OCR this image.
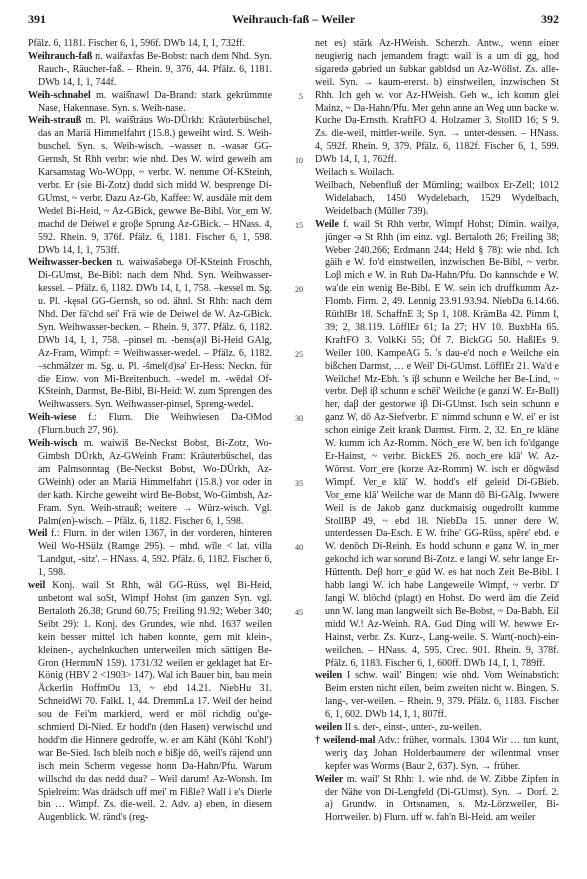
391	Weihrauch-faß – Weiler	392

Pfälz. 6, 1181. Fischer 6, 1, 596f. DWb 14, I, 1, 732ff.

Weihrauch-faß n. waiřaxfas Be-Bobst: nach dem Nhd. Syn. Rauch-, Räucher-faß. – Rhein. 9, 376, 44. Pfälz. 6, 1181. DWb 14, I, 1, 744f.

Weih-schnabel m. waiš̌nawl Da-Brand: stark gekrümmte Nase, Hakennase. Syn. s. Weih-nase.

Weih-strauß m. Pl. waiš̌tráus Wo-DÜrkh: Kräuterbüschel, das an Mariä Himmelfahrt (15.8.) geweiht wird. S. Weih-buschel. Syn. s. Weih-wisch. –wasser n. -wasǝr GG-Gernsh, St Rhh verbr: wie nhd. Des W. wird geweih am Karsamstag Wo-WOpp, ~ verbr. W. nemme Of-KSteinh, verbr. Er (sie Bi-Zotz) dudd sich midd W. besprenge Di-GUmst, ~ verbr. Dazu Az-Gb, Kaffee: W. ausdäle mit dem Wedel Bi-Heid, ~ Az-GBick, gewwe Be-Bibl. Vor_em W. machd de Deiwel e groβe Sprung Az-GBick. – HNass. 4, 592. Rhein. 9, 376f. Pfälz. 6, 1181. Fischer 6, 1, 598. DWb 14, I, 1, 753ff.

Weihwasser-becken n. waiwas̆ǝbegǝ Of-KSteinh Froschh, Di-GUmst, Be-Bibl: nach dem Nhd. Syn. Weihwasser-kessel. – Pfälz. 6, 1182. DWb 14, I, 1, 758. –kessel m. Sg. u. Pl. -kęsǝl GG-Gernsh, so od. ähnl. St Rhh: nach dem Nhd. Der fä'chd sei' Frä wie de Deiwel de W. Az-GBick. Syn. Weihwasser-becken. – Rhein. 9, 377. Pfälz. 6, 1182. DWb 14, I, 1, 758. –pinsel m. -bens(ǝ)l Bi-Heid GAlg, Az-Fram, Wimpf: = Weihwasser-wedel. – Pfälz. 6, 1182. –schmälzer m. Sg. u. Pl. -šmel(d)sǝ' Er-Hess: Neckn. für die Einw. von Mi-Breitenbuch. –wedel m. -wēdǝl Of-KSteinh, Darmst, Be-Bibl, Bi-Heid: W. zum Sprengen des Weihwassers. Syn. Weihwasser-pinsel, Spreng-wedel.

Weih-wiese f.: Flurn. Die Weihwiesen Da-OMod (Flurn.buch 27, 96).

Weih-wisch m. waiwiš Be-Neckst Bobst, Bi-Zotz, Wo-Gimbsh DÜrkh, Az-GWeinh Fram: Kräuterbüschel, das am Palmsonntag (Be-Neckst Bobst, Wo-DÜrkh, Az-GWeinh) oder an Mariä Himmelfahrt (15.8.) vor oder in der kath. Kirche geweiht wird Be-Bobst, Wo-Gimbsh, Az-Fram. Syn. Weih-strauß; weitere → Würz-wisch. Vgl. Palm(en)-wisch. – Pfälz. 6, 1182. Fischer 6, 1, 598.

Weil f.: Flurn. in der wilen 1367, in der vorderen, hinteren Weil Wo-HSülz (Ramge 295). – mhd. wîle < lat. villa 'Landgut, -sitz'. – HNass. 4, 592. Pfälz. 6, 1182. Fischer 6, 1, 598.

weil Konj. wail St Rhh, wāl GG-Rüss, węl Bi-Heid, unbetont wal soSt, Wimpf Hohst (im ganzen Syn. vgl. Bertaloth 26.38; Grund 60.75; Freiling 91.92; Weber 340; Seibt 29): 1. Konj. des Grundes, wie nhd. 1637 weilen kein besser mittel ich haben konnte, gern mit klein-, kleinen-, aychelnkuchen unterweilen mich sättigen Be-Gron (HermmN 159). 1731/32 weilen er geklaget hat Er-König (HBV 2 <1903> 147). Wal ich Bauer bin, bau mein Äckerlin HoffmOu 13, ~ ebd 14.21. NiebHu 31. SchneidWi 70. FalkL 1, 44. DremmLa 17. Weil der heind sou de Fei'm markierd, werd er möl richdig ou'ge-schmierd Di-Nied. Er hodd'n (den Hasen) verwischd und hodd'm die Hinnere gedroffe, w. er am Kähl (Köhl 'Kohl') war Be-Sied. Isch bleib noch e bißje dô, weil's räjend unn isch mein Scherm vegesse honn Da-Hahn/Pfu. Warum willschd du das nedd dua? – Weil darum! Az-Wonsh. Im Spielreim: Was drädsch uff mei' m Fißle? Wall i e's Dierle bin … Wimpf. Zs. die-weil. 2. Adv. a) eben, in diesem Augenblick. W. ränd's (reg-

5
10
15
20
25
30
35
40
45

net es) stärk Az-HWeish. Scherzh. Antw., wenn einer neugierig nach jemandem fragt: wail is a um di gg, hod sigaredǝ gǝbried un šubkar gǝbldsd un Az-Wöllst. Zs. alle-weil. Syn. → kaum-ererst. b) einstweilen, inzwischen St Rhh. Ich geh w. vor Az-HWeish. Geh w., ich komm glei Mainz, ~ Da-Hahn/Pfu. Mer gehn anne an Weg unn backe w. Kuche Da-Ernsth. KraftFO 4. Holzamer 3. StollD 16; S 9. Zs. die-weil, mittler-weile. Syn. → unter-dessen. – HNass. 4, 592f. Rhein. 9, 379. Pfälz. 6, 1182f. Fischer 6, 1, 599. DWb 14, I, 1, 762ff.

Weilach s. Woilach.

Weilbach, Nebenfluß der Mümling; wailbox Er-Zell; 1012 Widelabach, 1450 Wydelebach, 1529 Wydelbach, Weidelbach (Müller 739).

Weile f. wail St Rhh verbr, Wimpf Hohst; Dimin. wailχǝ, jünger -ǝ St Rhh (im einz. vgl. Bertaloth 26; Freiling 38; Weber 240.266; Erdmann 244; Held § 78): wie nhd. Ich gäih e W. fo'd einstweilen, inzwischen Be-Bibl, ~ verbr. Loβ mich e W. in Ruh Da-Hahn/Pfu. Do kannschde e W. wa'de ein wenig Be-Bibl. E W. sein ich druffkumm Az-Flomb. Firm. 2, 49. Lennig 23.91.93.94. NiebDa 6.14.66. RüthlBr 18. SchaffnE 3; Sp 1, 108. KrämBa 42. Pimm I, 39; 2, 38.119. LöfflEr 61; Ia 27; HV 10. BuxbHa 65. KraftFO 3. VolkKi 55; Öf 7. BickGG 50. HaßlEs 9. Weiler 100. KampeAG 5. 's dau-e'd noch e Weilche ein bißchen Darmst, … e Weil' Di-GUmst. LöfflEr 21. Wa'd e Weilche! Mz-Ebh. 's iβ schunn e Weilche her Be-Lind, ~ verbr. Deβ iβ schunn e schēi' Weilche (e ganzi W. Er-Bull) her, daβ der gestorwe iβ Di-GUmst. Isch sein schunn e ganz W. dō Az-Siefverbr. E' nimmd schunn e W. ei' er ist schon einige Zeit krank Darmst. Firm. 2, 32. En_re kläne W. kumm ich Az-Romm. Nöch_ere W. ben ich fo'dgange Er-Hainst, ~ verbr. BickES 26. noch_ere klā' W. Az-Wörrst. Vorr_ere (korze Az-Romm) W. isch er dōgwǎsd Wimpf. Ver_e klā' W. hodd's elf geleid Di-GBieb. Vor_eme klā' Weilche war de Mann dō Bi-GAlg. Iwwere Weil is de Jakob ganz duckmaisig ougedrollt kumme StollBP 49, ~ ebd 18. NiebDa 15. unner dere W. unterdessen Da-Esch. E W. frihe' GG-Rüss, spēre' ebd. e W. denōch Di-Reinh. Es hodd schunn e ganz W. in_mer gekochd ich war sorund Bi-Zotz. e langi W. sehr lange Er-Hüttenth. Deβ horr_e güd W. es hat noch Zeit Be-Bibl. I habb langi W. ich habe Langeweile Wimpf, ~ verbr. D' langi W. blöchd (plagt) en Hohst. Do werd äm die Zeid unn W. lang man langweilt sich Be-Bobst, ~ Da-Babh. Eil midd W.! Az-Weinh. RA. Gud Ding will W. hewwe Er-Hainst, verbr. Zs. Kurz-, Lang-weile. S. Wart(-noch)-ein-weilchen. – HNass. 4, 595. Crec. 901. Rhein. 9, 378f. Pfälz. 6, 1183. Fischer 6, 1, 600ff. DWb 14, I, 1, 789ff.

weilen I schw. wail' Bingen: wie nhd. Vom Weinabstich: Beim ersten nicht eilen, beim zweiten nicht w. Bingen. S. lang-, ver-weilen. – Rhein. 9, 379. Pfälz. 6, 1183. Fischer 6, 1, 602. DWb 14, I, 1, 807ff.

weilen II s. der-, einst-, unter-, zu-weilen.

† weilend-mal Adv.: früher, vormals. 1304 Wir … tun kunt, weriʒ daʒ Johan Holderbaumere der wilentmal vnser kepfer was Worms (Baur 2, 637). Syn. → früher.

Weiler m. wail' St Rhh: 1. wie nhd. de W. Zibbe Zipfen in der Nähe von Di-Lengfeld (Di-GUmst). Syn. → Dorf. 2. a) Grundw. in Ortsnamen, s. Mz-Lörzweiler, Bi-Horrweiler. b) Flurn. uff w. fah'n Bi-Heid. am weiler
